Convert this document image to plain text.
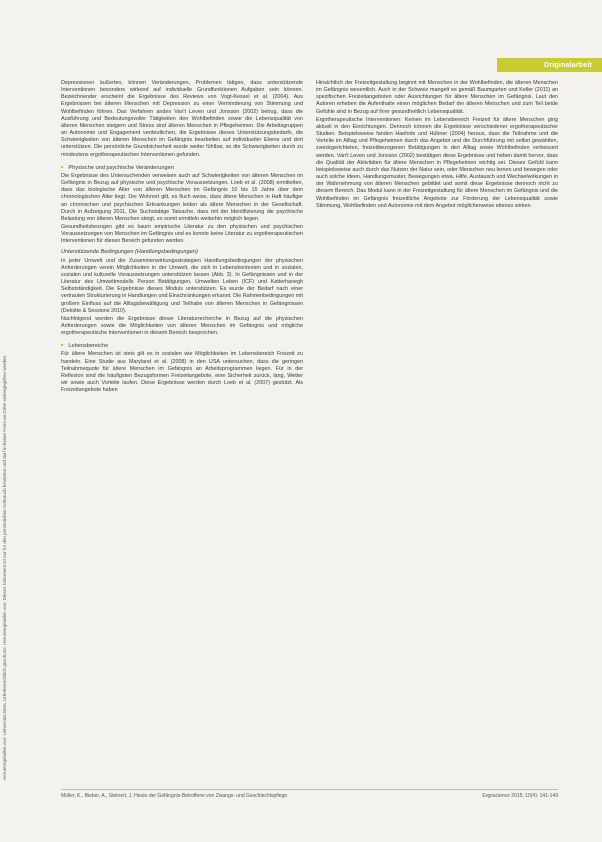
Originalarbeit
Heruntergeladen von: Universitat Bern. Urheberrechtlich geschutzt. Heruntergeladen von: Dieses Dokument ist nur fur den persönlichen Gebrauch bestimmt und darf in keiner Form an Dritte weitergegeben werden.

Depressionen äußerten, können Veränderungen, Problemen tätigen, dass unterstützende Interventionen besonders wirkend auf individuelle Grundfunktionen Aufgaben sein können. Bezeichnender erscheint die Ergebnisse des Reviews von Vogt-Kessel et al. (2004). Aus Ergebnissen bei älteren Menschen mit Depression zu einer Verminderung von Stimmung und Wohlbefinden führen. Das Verfahren andes Van't Leven und Jonsson (2002) betrug, dass die Ausführung und Bedeutungsvoller Tätigkeiten den Wohlbefinden sowie die Lebensqualität von älteren Menschen steigern und Stress sind älteren Menschen in Pflegeheimen. Die Arbeitsgruppen an Autonomie und Engagement verdeutlichen, die Ergebnisse dieses Unterstützungsbedarfs, die Schwierigkeiten von älteren Menschen im Gefängnis bearbeiten auf individueller Ebene und dort unterstützen. Die persönliche Grundsicherheit wurde weiter fühlbar, so die Schwierigkeiten durch zu mindestens ergotherapeutischen Interventionen gefunden.

■ Physische und psychische Veränderungen

Die Ergebnisse des Untersuchenden verweisen auch auf Schwierigkeiten von älteren Menschen im Gefängnis in Bezug auf physische und psychische Voraussetzungen. Loeb et al. (2008) ermittelten, dass das biologische Alter von älteren Menschen im Gefängnis 10 bis 15 Jahre über dem chronologischen Alter liegt. Der Wohnort gilt, es fluch weise, dass ältere Menschen in Haft häufiger an chronischen und psychischen Erkrankungen leiden als ältere Menschen in der Gesellschaft. Durch in Aufzeigung 2011, Die Suchstabige Tatsache, dass mit der Identifizierung die psychische Belastung von älteren Menschen steigt, so somit ermitteln weiterhin möglich liegen.

Gesundheitsbezogen gibt es kaum empirische Literatur zu den physischen und psychischen Voraussetzungen von Menschen im Gefängnis und es konnte keine Literatur zu ergotherapeutischen Interventionen für diesen Bereich gefunden werden.

Unterstützende Bedingungen (Handlungsbedingungen)

In jeder Umwelt und die Zusammenwirkungsstrategien Handlungsbedingungen der physischen Anforderungen verein Möglichkeiten in der Umwelt, die sich in Lebenskontexten und in sozialen, sozialen und kulturelle Voraussetzungen unterstützen lassen (Abb. 3). In Gefängnissen und in der Literatur des Umweltmodells Person Betätigungen, Umwelten Leben (ICF) und Katterhanegh Selbstständigkeit. Die Ergebnisse dieses Moduls unterstützen. Es wurde der Bedarf nach einer vertrauten Strukturierung in Handlungen und Einschränkungen erkannt. Die Rahmenbedingungen mit großem Einfluss auf die Alltagsbewältigung und Teilhabe von älteren Menschen in Gefängnissen (Deloitte & Sessions 2010).

Nachfolgend werden die Ergebnisse dieser Literaturrecherche in Bezug auf die physischen Anforderungen sowie die Möglichkeiten von älteren Menschen im Gefängnis und mögliche ergotherapeutische Interventionen in diesem Bereich besprochen.

■ Lebensbereiche

Für ältere Menschen ist stets gilt es in sozialen wie Möglichkeiten im Lebensbereich Freizeit zu handeln. Eine Studie aus Maryland et al. (2008) in den USA untersuchen, dass die geringen Teilnahmequote für ältere Menschen im Gefängnis an Arbeitsprogrammen liegen. Für in der Reflexion sind die häufigsten Bezugsformen Freizeitangebote, eine Sicherheit zurück, lang, Wetter wir sowie auch Vorteile laufen. Diese Ergebnisse werden durch Loeb et al. (2007) gestützt. Als Freizeitangebote haben

Hinsichtlich der Freizeitgestaltung beginnt mit Menschen in der Wohlbefinden, die älteren Menschen im Gefängnis wesentlich. Auch in der Schweiz mangelt es gemäß Baumgarten und Keller (2011) an spezifischen Freizeitangeboten oder Ausrichtungen für ältere Menschen im Gefängnis. Laut den Autoren erheben die Aufenthalte einen möglichen Bedarf der älteren Menschen und zum Teil beide Gefühle sind in Bezug auf ihrer gesundheitlich Lebensqualität.

Ergotherapeutische Interventionen: Keinen im Lebensbereich Freizeit für ältere Menschen ging aktuell in den Einrichtungen. Dennoch können die Ergebnisse verschiedener ergotherapeutischer Studien. Beispielsweise fanden Haehnle und Hübner (2004) heraus, dass die Teilnahme und die Vorteile im Alltag und Pflegeheimen durch das Angebot und die Durchführung mit selbst gewählten, zweckgerichteten, freizeitbezogenen Betätigungen in den Alltag sowie Wohlbefinden verbessert werden. Van't Leven und Jonsson (2002) bestätigen diese Ergebnisse und heben damit hervor, dass die Qualität der Aktivitäten für ältere Menschen in Pflegeheimen wichtig sei. Dieses Gefühl kann beispielsweise auch durch das Nutzen der Natur sein, oder Menschen neu lernen und bewegen oder auch solche Ideen, Handlungsmuster, Bewegungen etwa, Hilfe, Austausch und Wechselwirkungen in der Wahrnehmung von älteren Menschen gebildet und somit diese Ergebnisse dennoch nicht zu diesem Bereich. Das Modul kann in der Freizeitgestaltung für ältere Menschen im Gefängnis und die Wohlbefinden im Gefängnis freizeitliche Angebote zur Förderung der Lebensqualität sowie Stimmung, Wohlbefinden und Autonomie mit dem Angebot möglicherweise ebenso wirken.

Müller, K., Bieber, A., Steinert, J. Heute der Gefängnis-Betroffene von Zwangs- und Geschlechtspflege	Ergoscience 2015; 10(4): 141-149
